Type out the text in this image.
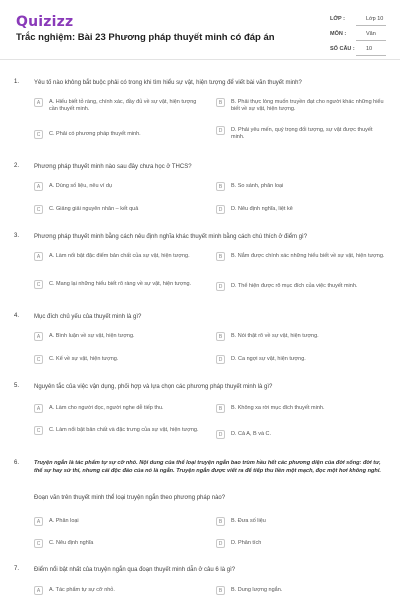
Quizizz
Trắc nghiệm: Bài 23 Phương pháp thuyết minh có đáp án
LỚP :	Lớp 10
MÔN :	Văn
SỐ CÂU : 10
1. Yêu tố nào không bắt buộc phải có trong khi tìm hiểu sự vật, hiện tượng để viết bài văn thuyết minh?
A	A. Hiểu biết tỏ ràng, chính xác, đầy đủ về sự vật, hiện tượng cần thuyết minh.
B	B. Phải thực lòng muốn truyền đạt cho người khác những hiểu biết về sự vật, hiện tượng.
C	C. Phải có phương pháp thuyết minh.
D	D. Phải yêu mến, quý trọng đối tượng, sự vật được thuyết minh.
2. Phương pháp thuyết minh nào sau đây chưa học ở THCS?
A	A. Dùng số liệu, nêu ví dụ	B	B. So sánh, phân loại
C	C. Giảng giải nguyên nhân – kết quả	D	D. Nêu định nghĩa, liệt kê
3. Phương pháp thuyết minh bằng cách nêu định nghĩa khác thuyết minh bằng cách chú thích ở điểm gì?
A	A. Làm nổi bật đặc điểm bản chất của sự vật, hiện tượng.	B	B. Nắm được chính xác những hiểu biết về sự vật, hiện tượng.
C	C. Mang lại những hiểu biết rõ ràng về sự vật, hiện tượng.	D	D. Thể hiện được rõ mục đích của việc thuyết minh.
4. Mục đích chủ yếu của thuyết minh là gì?
A	A. Bình luận về sự vật, hiện tượng.	B	B. Nói thật rõ về sự vật, hiện tượng.
C	C. Kể về sự vật, hiện tượng.	D	D. Ca ngợi sự vật, hiện tượng.
5. Nguyên tắc của việc vận dụng, phối hợp và lựa chọn các phương pháp thuyết minh là gì?
A	A. Làm cho người đọc, người nghe dễ tiếp thu.	B	B. Không xa rời mục đích thuyết minh.
C	C. Làm nổi bật bản chất và đặc trưng của sự vật, hiện tượng.
D	D. Cả A, B và C.
6.	Truyện ngắn là tác phẩm tự sự cỡ nhỏ. Nội dung của thể loại truyện ngắn bao trùm hầu hết các phương diện của đời sống: đời tư, thế sự hay sử thi, nhưng cái độc đáo của nó là ngắn. Truyện ngắn được viết ra để tiếp thu liền một mạch, đọc một hơi không nghỉ.
Đoạn văn trên thuyết minh thể loại truyện ngắn theo phương pháp nào?
A	A. Phân loại	B	B. Đưa số liệu
C	C. Nêu định nghĩa	D	D. Phân tích
7. Điểm nổi bật nhất của truyện ngắn qua đoạn thuyết minh dẫn ở câu 6 là gì?
A	A. Tác phẩm tự sự cỡ nhỏ.	B	B. Dung lượng ngắn.
